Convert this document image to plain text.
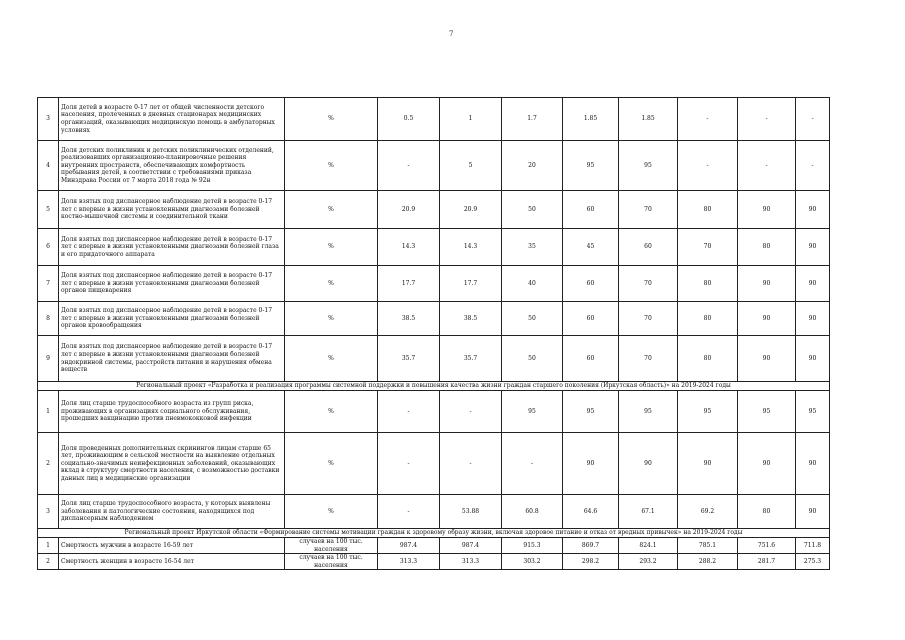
7
3	Доля детей в возрасте 0-17 лет от общей численности детского населения, пролеченных в дневных стационарах медицинских организаций, оказывающих медицинскую помощь в амбулаторных условиях	%	0.5	1	1.7	1.85	1.85	-	-	-
4	Доля детских поликлиник и детских поликлинических отделений, реализовавших организационно-планировочные решения внутренних пространств, обеспечивающих комфортность пребывания детей, в соответствии с требованиями приказа Минздрава России от 7 марта 2018 года № 92н	%	-	5	20	95	95	-	-	-
5	Доля взятых под диспансерное наблюдение детей в возрасте 0-17 лет с впервые в жизни установленными диагнозами болезней костно-мышечной системы и соединительной ткани	%	20.9	20.9	50	60	70	80	90	90
6	Доля взятых под диспансерное наблюдение детей в возрасте 0-17 лет с впервые в жизни установленными диагнозами болезней глаза и его придаточного аппарата	%	14.3	14.3	35	45	60	70	80	90
7	Доля взятых под диспансерное наблюдение детей в возрасте 0-17 лет с впервые в жизни установленными диагнозами болезней органов пищеварения	%	17.7	17.7	40	60	70	80	90	90
8	Доля взятых под диспансерное наблюдение детей в возрасте 0-17 лет с впервые в жизни установленными диагнозами болезней органов кровообращения	%	38.5	38.5	50	60	70	80	90	90
9	Доля взятых под диспансерное наблюдение детей в возрасте 0-17 лет с впервые в жизни установленными диагнозами болезней эндокринной системы, расстройств питания и нарушения обмена веществ	%	35.7	35.7	50	60	70	80	90	90
Региональный проект «Разработка и реализация программы системной поддержки и повышения качества жизни граждан старшего поколения (Иркутская область)» на 2019-2024 годы										
1	Доля лиц старше трудоспособного возраста из групп риска, проживающих в организациях социального обслуживания, прошедших вакцинацию против пневмококковой инфекции	%	-	-	95	95	95	95	95	95
2	Доля проведенных дополнительных скринингов лицам старше 65 лет, проживающим в сельской местности на выявление отдельных социально-значимых неинфекционных заболеваний, оказывающих вклад в структуру смертности населения, с возможностью доставки данных лиц в медицинские организации	%	-	-	-	90	90	90	90	90
3	Доля лиц старше трудоспособного возраста, у которых выявлены заболевания и патологические состояния, находящихся под диспансерным наблюдением	%	-	53.88	60.8	64.6	67.1	69.2	80	90
Региональный проект Иркутской области «Формирование системы мотивации граждан к здоровому образу жизни, включая здоровое питание и отказ от вредных привычек» на 2019-2024 годы										
1	Смертность мужчин в возрасте 16-59 лет	случаев на 100 тыс. населения	987.4	987.4	915.3	869.7	824.1	785.1	751.6	711.8
2	Смертность женщин в возрасте 16-54 лет	случаев на 100 тыс. населения	313.3	313.3	303.2	298.2	293.2	288.2	281.7	275.3
